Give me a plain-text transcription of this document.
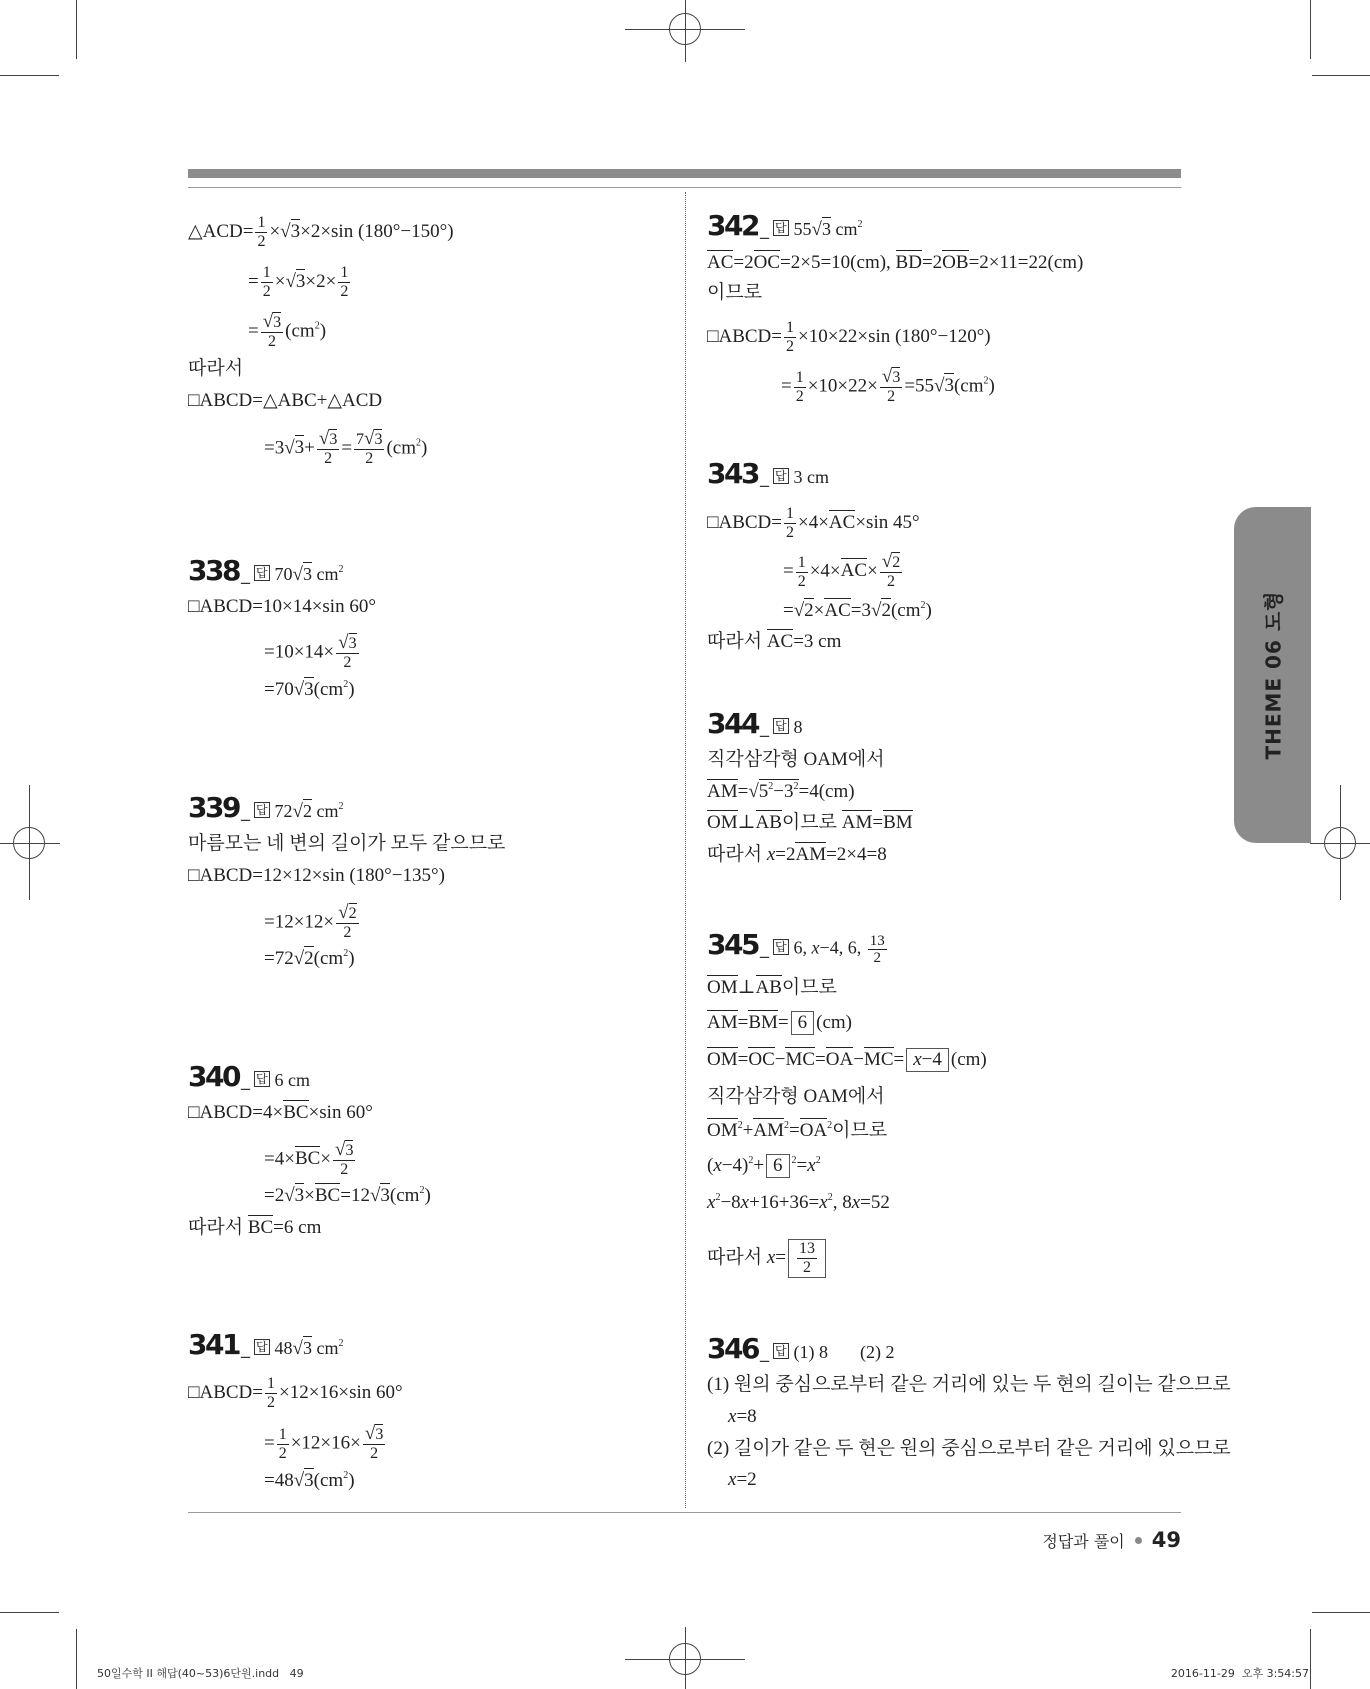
THEME 06 도형
△ACD= $\frac{1}{2} \times√3\times 2\times\sin$ (180°−150°)
= $\frac{1}{2} \times√3\times 2\times \frac{1}{2}$
= $\frac{√3}{2} (cm^2)$
따라서
□ABCD=△ABC+△ACD
$=3√3+ \frac{√3}{2} = \frac{7√3}{2} (cm^2)$
338 _ 답 70√3 $cm^2$
□ABCD=10×14×sin 60°
$=10\times 14\times \frac{√3}{2}$
$=70√3(cm^2)$
339 _ 답 72√2 $cm^2$
마름모는 네 변의 길이가 모두 같으므로
□ABCD=12×12×sin (180°−135°)
$=12\times 12\times \frac{√2}{2}$
$=72√2(cm^2)$
340 _ 답 6 cm
□ABCD=4×BC×sin 60°
$=4\times BC\times \frac{√3}{2}$
$=2√3\times BC=12√3(cm^2)$
따라서 BC=6 cm
341 _ 답 48√3 $cm^2$
□ABCD= $\frac{1}{2} \times 12\times 16\times\sin$ 60°
= $\frac{1}{2} \times 12\times 16\times \frac{√3}{2}$
$=48√3(cm^2)$
342 _ 답 55√3 $cm^2$
AC=2OC=2×5=10(cm), BD=2OB=2×11=22(cm)
이므로
□ABCD= $\frac{1}{2} \times 10\times 22\times\sin$ (180°−120°)
= $\frac{1}{2} \times 10\times 22\times \frac{√3}{2} =55√3(cm^2)$
343 _ 답 3 cm
□ABCD= $\frac{1}{2} \times 4\times AC\times\sin$ 45°
= $\frac{1}{2} \times 4\times AC\times \frac{√2}{2}$
$=√2\times AC=3√2(cm^2)$
따라서 AC=3 cm
344 _ 답 8
직각삼각형 OAM에서
$AM=√5^2-3^2=4(cm)$
OM⊥AB이므로 AM=BM
따라서 x=2AM=2×4=8
345 _ 답 6, x−4, 6, $\frac{13}{2}$
OM⊥AB이므로
AM=BM= 6 (cm)
OM=OC−MC=OA−MC= x−4 (cm)
직각삼각형 OAM에서
$OM^2+AM^2=OA^2$이므로
$(x-4)^2+ 6$ $^2=x^2$
$x^2-8x+16+36=x^2$, 8x=52
따라서 $x= \frac{13}{2}$
346 _ 답 (1) 8 (2) 2
(1) 원의 중심으로부터 같은 거리에 있는 두 현의 길이는 같으므로
x=8
(2) 길이가 같은 두 현은 원의 중심으로부터 같은 거리에 있으므로
x=2
정답과 풀이 49
50일수학 II 해답(40~53)6단원.indd   49	2016-11-29  오후 3:54:57
